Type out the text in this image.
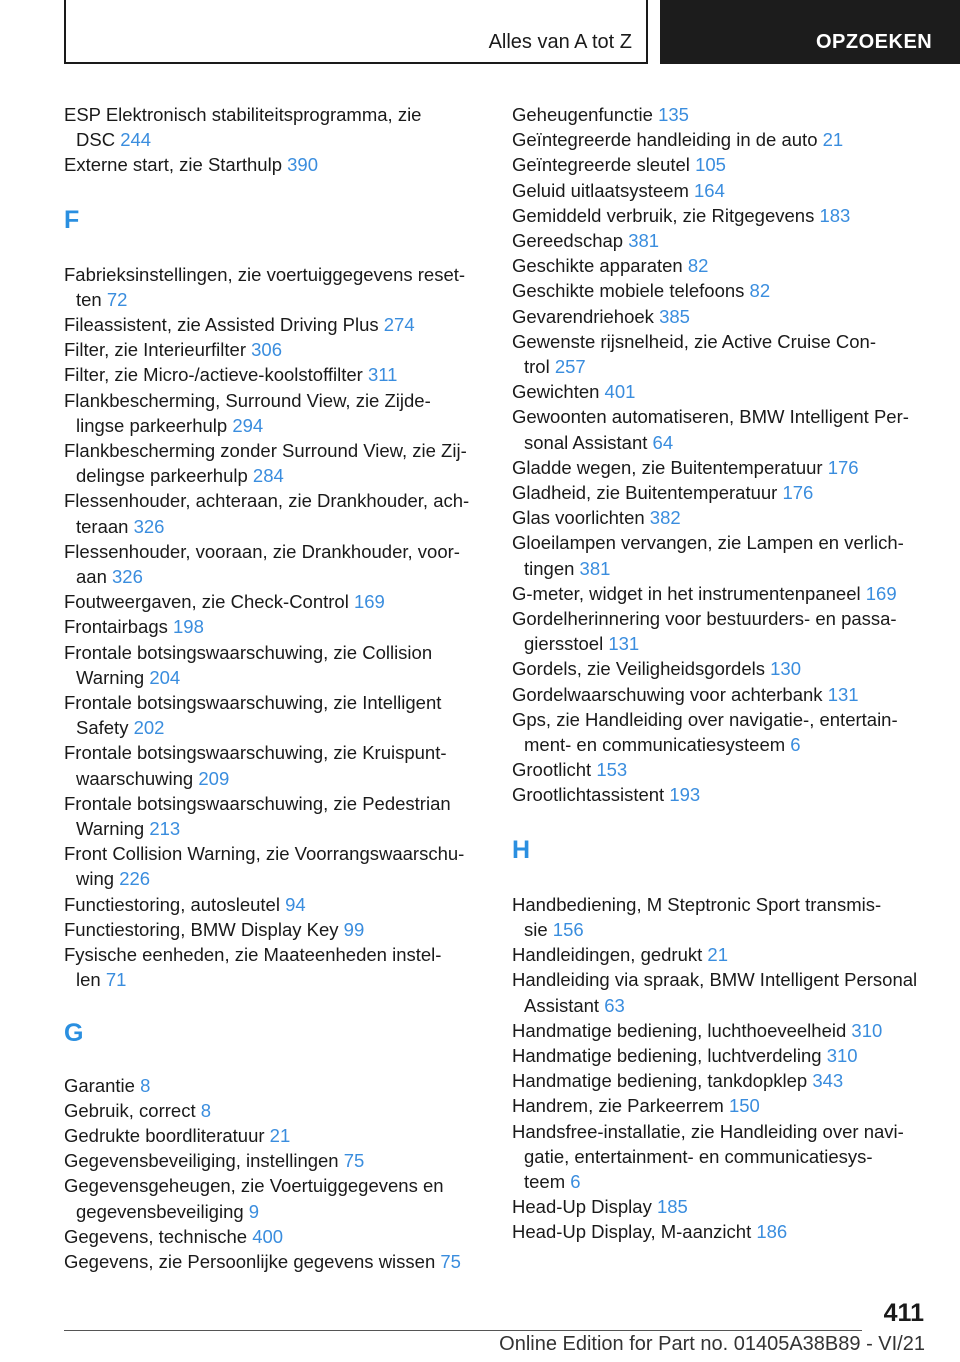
Alles van A tot Z	OPZOEKEN
ESP Elektronisch stabiliteitsprogramma, zie
DSC 244
Externe start, zie Starthulp 390
F
Fabrieksinstellingen, zie voertuiggegevens reset-
ten 72
Fileassistent, zie Assisted Driving Plus 274
Filter, zie Interieurfilter 306
Filter, zie Micro-/actieve-koolstoffilter 311
Flankbescherming, Surround View, zie Zijde-
lingse parkeerhulp 294
Flankbescherming zonder Surround View, zie Zij-
delingse parkeerhulp 284
Flessenhouder, achteraan, zie Drankhouder, ach-
teraan 326
Flessenhouder, vooraan, zie Drankhouder, voor-
aan 326
Foutweergaven, zie Check-Control 169
Frontairbags 198
Frontale botsingswaarschuwing, zie Collision
Warning 204
Frontale botsingswaarschuwing, zie Intelligent
Safety 202
Frontale botsingswaarschuwing, zie Kruispunt-
waarschuwing 209
Frontale botsingswaarschuwing, zie Pedestrian
Warning 213
Front Collision Warning, zie Voorrangswaarschu-
wing 226
Functiestoring, autosleutel 94
Functiestoring, BMW Display Key 99
Fysische eenheden, zie Maateenheden instel-
len 71
G
Garantie 8
Gebruik, correct 8
Gedrukte boordliteratuur 21
Gegevensbeveiliging, instellingen 75
Gegevensgeheugen, zie Voertuiggegevens en
gegevensbeveiliging 9
Gegevens, technische 400
Gegevens, zie Persoonlijke gegevens wissen 75
Geheugenfunctie 135
Geïntegreerde handleiding in de auto 21
Geïntegreerde sleutel 105
Geluid uitlaatsysteem 164
Gemiddeld verbruik, zie Ritgegevens 183
Gereedschap 381
Geschikte apparaten 82
Geschikte mobiele telefoons 82
Gevarendriehoek 385
Gewenste rijsnelheid, zie Active Cruise Con-
trol 257
Gewichten 401
Gewoonten automatiseren, BMW Intelligent Per-
sonal Assistant 64
Gladde wegen, zie Buitentemperatuur 176
Gladheid, zie Buitentemperatuur 176
Glas voorlichten 382
Gloeilampen vervangen, zie Lampen en verlich-
tingen 381
G-meter, widget in het instrumentenpaneel 169
Gordelherinnering voor bestuurders- en passa-
giersstoel 131
Gordels, zie Veiligheidsgordels 130
Gordelwaarschuwing voor achterbank 131
Gps, zie Handleiding over navigatie-, entertain-
ment- en communicatiesysteem 6
Grootlicht 153
Grootlichtassistent 193
H
Handbediening, M Steptronic Sport transmis-
sie 156
Handleidingen, gedrukt 21
Handleiding via spraak, BMW Intelligent Personal
Assistant 63
Handmatige bediening, luchthoeveelheid 310
Handmatige bediening, luchtverdeling 310
Handmatige bediening, tankdopklep 343
Handrem, zie Parkeerrem 150
Handsfree-installatie, zie Handleiding over navi-
gatie, entertainment- en communicatiesys-
teem 6
Head-Up Display 185
Head-Up Display, M-aanzicht 186
411
Online Edition for Part no. 01405A38B89 - VI/21
